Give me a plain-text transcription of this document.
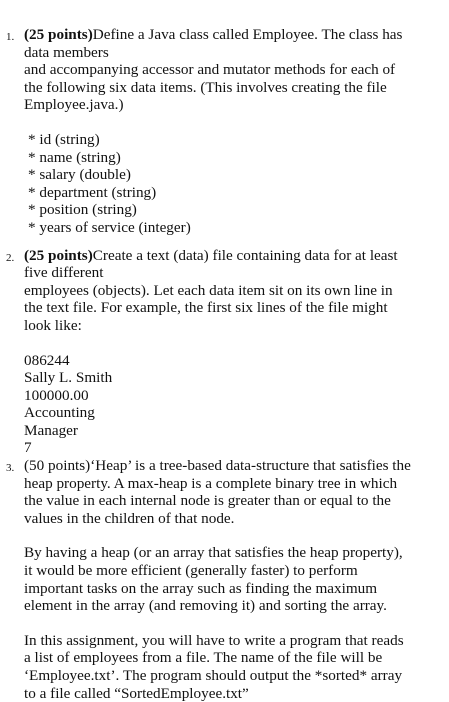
1. (25 points)Define a Java class called Employee. The class has
data members
and accompanying accessor and mutator methods for each of
the following six data items. (This involves creating the file
Employee.java.)
* id (string)
* name (string)
* salary (double)
* department (string)
* position (string)
* years of service (integer)
2. (25 points)Create a text (data) file containing data for at least
five different
employees (objects). Let each data item sit on its own line in
the text file. For example, the first six lines of the file might
look like:
086244
Sally L. Smith
100000.00
Accounting
Manager
7
3. (50 points)‘Heap’ is a tree-based data-structure that satisfies the
heap property. A max-heap is a complete binary tree in which
the value in each internal node is greater than or equal to the
values in the children of that node.
By having a heap (or an array that satisfies the heap property),
it would be more efficient (generally faster) to perform
important tasks on the array such as finding the maximum
element in the array (and removing it) and sorting the array.
In this assignment, you will have to write a program that reads
a list of employees from a file. The name of the file will be
‘Employee.txt’. The program should output the *sorted* array
to a file called “SortedEmployee.txt”
